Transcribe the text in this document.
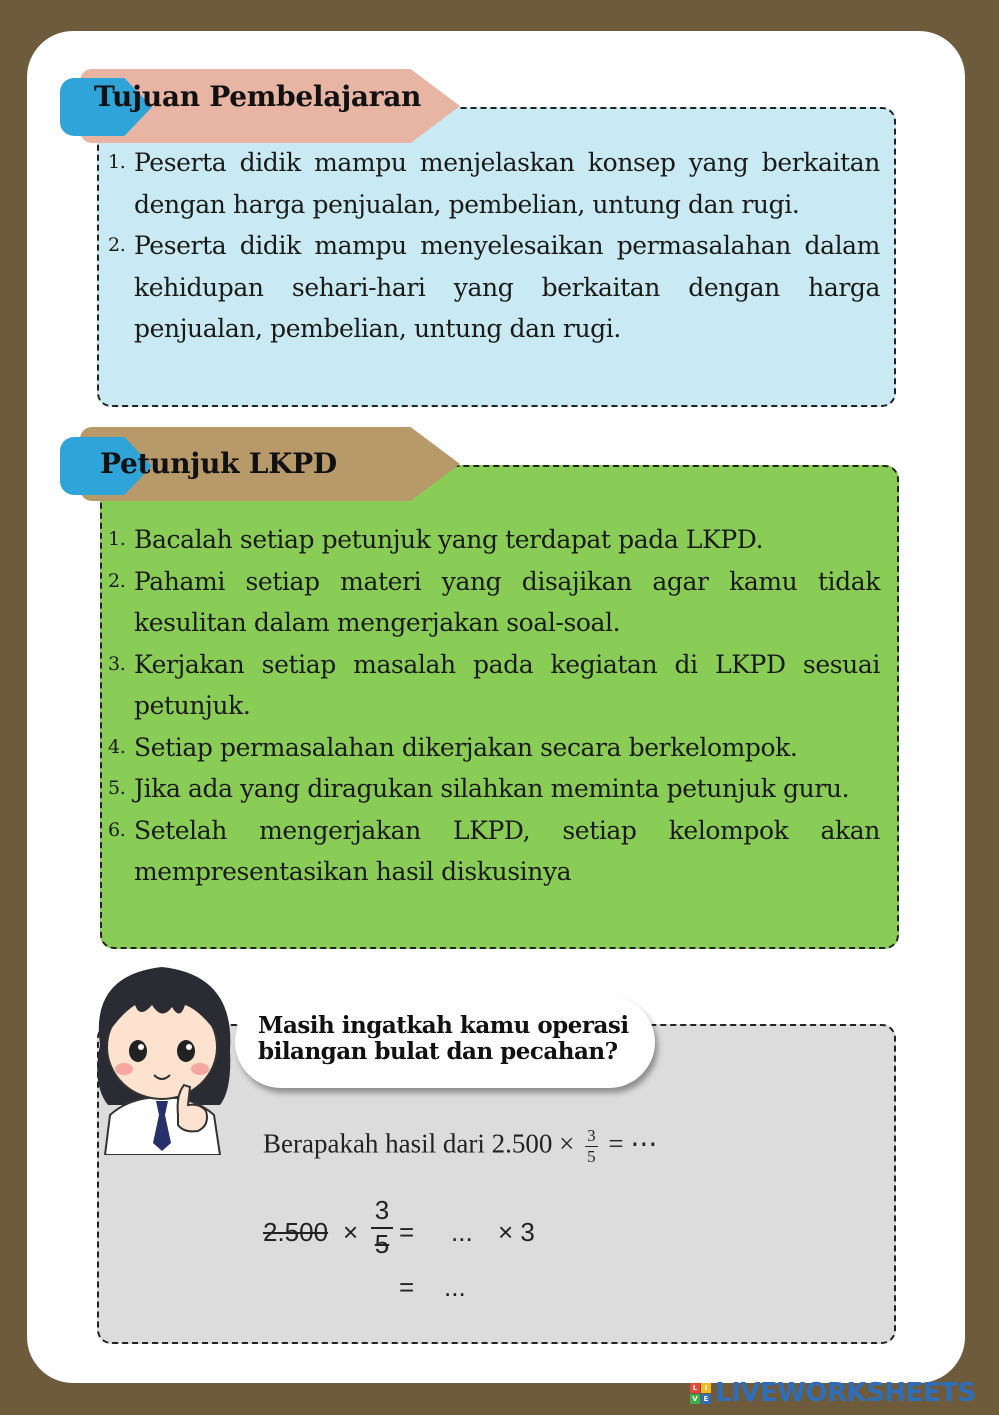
Tujuan Pembelajaran
1. Peserta didik mampu menjelaskan konsep yang berkaitan dengan harga penjualan, pembelian, untung dan rugi.
2. Peserta didik mampu menyelesaikan permasalahan dalam kehidupan sehari-hari yang berkaitan dengan harga penjualan, pembelian, untung dan rugi.
Petunjuk LKPD
1. Bacalah setiap petunjuk yang terdapat pada LKPD.
2. Pahami setiap materi yang disajikan agar kamu tidak kesulitan dalam mengerjakan soal-soal.
3. Kerjakan setiap masalah pada kegiatan di LKPD sesuai petunjuk.
4. Setiap permasalahan dikerjakan secara berkelompok.
5. Jika ada yang diragukan silahkan meminta petunjuk guru.
6. Setelah mengerjakan LKPD, setiap kelompok akan mempresentasikan hasil diskusinya
Masih ingatkah kamu operasi
bilangan bulat dan pecahan?
Berapakah hasil dari $2.500 \times \frac{3}{5}$ = ⋯
$2.500 \times \frac{3}{5}$ = ... × 3
= ...
L	I
V E LIVEWORKSHEETS
